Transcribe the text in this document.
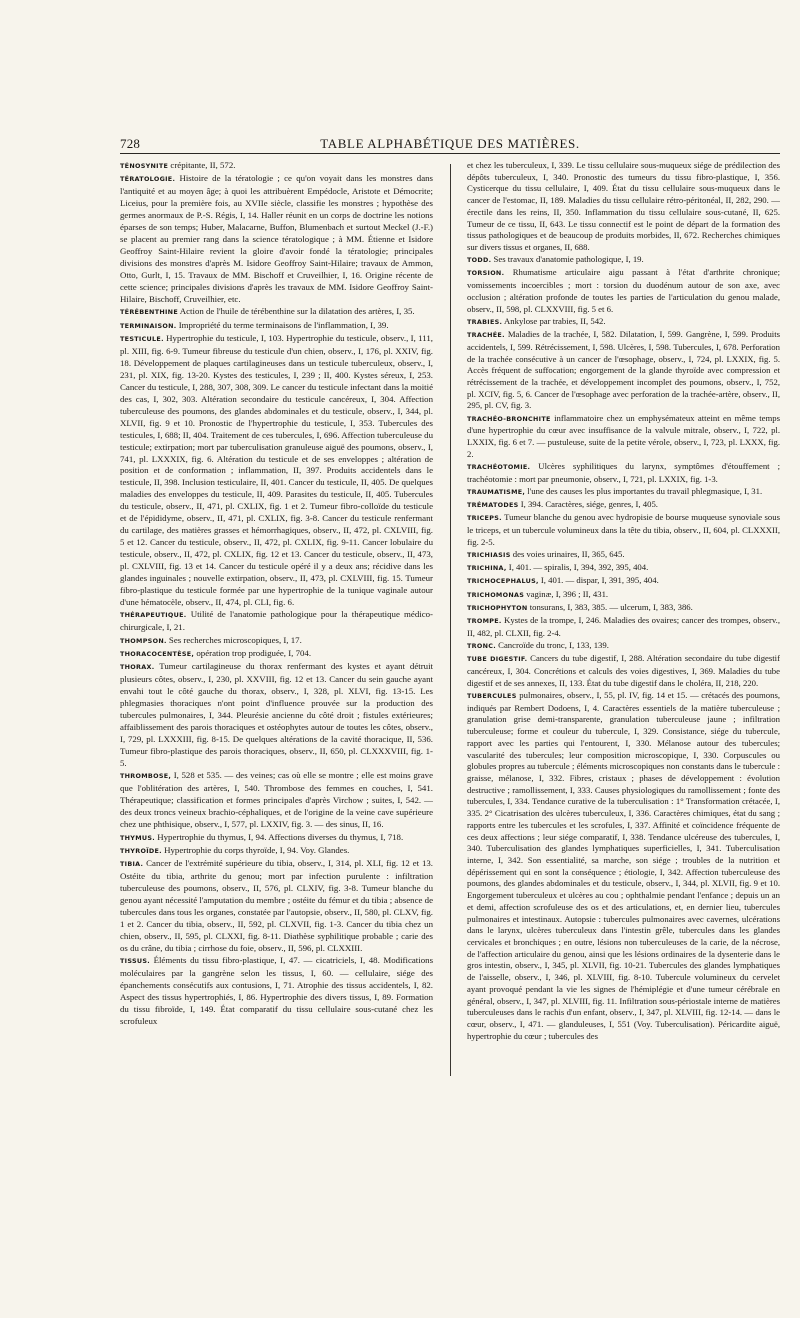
728	TABLE ALPHABÉTIQUE DES MATIÈRES.

TÉNOSYNITE crépitante, II, 572.

TÉRATOLOGIE. Histoire de la tératologie ; ce qu'on voyait dans les monstres dans l'antiquité et au moyen âge; à quoi les attribuèrent Empédocle, Aristote et Démocrite; Liceius, pour la première fois, au XVIIe siècle, classifie les monstres ; hypothèse des germes anormaux de P.-S. Régis, I, 14. Haller réunit en un corps de doctrine les notions éparses de son temps; Huber, Malacarne, Buffon, Blumenbach et surtout Meckel (J.-F.) se placent au premier rang dans la science tératologique ; à MM. Étienne et Isidore Geoffroy Saint-Hilaire revient la gloire d'avoir fondé la tératologie; principales divisions des monstres d'après M. Isidore Geoffroy Saint-Hilaire; travaux de Ammon, Otto, Gurlt, I, 15. Travaux de MM. Bischoff et Cruveilhier, I, 16. Origine récente de cette science; principales divisions d'après les travaux de MM. Isidore Geoffroy Saint-Hilaire, Bischoff, Cruveilhier, etc.

TÉRÉBENTHINE Action de l'huile de térébenthine sur la dilatation des artères, I, 35.

TERMINAISON. Impropriété du terme terminaisons de l'inflammation, I, 39.

TESTICULE. Hypertrophie du testicule, I, 103. Hypertrophie du testicule, observ., I, 111, pl. XIII, fig. 6-9. Tumeur fibreuse du testicule d'un chien, observ., I, 176, pl. XXIV, fig. 18. Développement de plaques cartilagineuses dans un testicule tuberculeux, observ., I, 231, pl. XIX, fig. 13-20. Kystes des testicules, I, 239 ; II, 400. Kystes séreux, I, 253. Cancer du testicule, I, 288, 307, 308, 309. Le cancer du testicule infectant dans la moitié des cas, I, 302, 303. Altération secondaire du testicule cancéreux, I, 304. Affection tuberculeuse des poumons, des glandes abdominales et du testicule, observ., I, 344, pl. XLVII, fig. 9 et 10. Pronostic de l'hypertrophie du testicule, I, 353. Tubercules des testicules, I, 688; II, 404. Traitement de ces tubercules, I, 696. Affection tuberculeuse du testicule; extirpation; mort par tuberculisation granuleuse aiguë des poumons, observ., I, 741, pl. LXXXIX, fig. 6. Altération du testicule et de ses enveloppes ; altération de position et de conformation ; inflammation, II, 397. Produits accidentels dans le testicule, II, 398. Inclusion testiculaire, II, 401. Cancer du testicule, II, 405. De quelques maladies des enveloppes du testicule, II, 409. Parasites du testicule, II, 405. Tubercules du testicule, observ., II, 471, pl. CXLIX, fig. 1 et 2. Tumeur fibro-colloïde du testicule et de l'épididyme, observ., II, 471, pl. CXLIX, fig. 3-8. Cancer du testicule renfermant du cartilage, des matières grasses et hémorrhagiques, observ., II, 472, pl. CXLVIII, fig. 5 et 12. Cancer du testicule, observ., II, 472, pl. CXLIX, fig. 9-11. Cancer lobulaire du testicule, observ., II, 472, pl. CXLIX, fig. 12 et 13. Cancer du testicule, observ., II, 473, pl. CXLVIII, fig. 13 et 14. Cancer du testicule opéré il y a deux ans; récidive dans les glandes inguinales ; nouvelle extirpation, observ., II, 473, pl. CXLVIII, fig. 15. Tumeur fibro-plastique du testicule formée par une hypertrophie de la tunique vaginale autour d'une hématocèle, observ., II, 474, pl. CLI, fig. 6.

THÉRAPEUTIQUE. Utilité de l'anatomie pathologique pour la thérapeutique médico-chirurgicale, I, 21.

THOMPSON. Ses recherches microscopiques, I, 17.

THORACOCENTÈSE, opération trop prodiguée, I, 704.

THORAX. Tumeur cartilagineuse du thorax renfermant des kystes et ayant détruit plusieurs côtes, observ., I, 230, pl. XXVIII, fig. 12 et 13. Cancer du sein gauche ayant envahi tout le côté gauche du thorax, observ., I, 328, pl. XLVI, fig. 13-15. Les phlegmasies thoraciques n'ont point d'influence prouvée sur la production des tubercules pulmonaires, I, 344. Pleurésie ancienne du côté droit ; fistules extérieures; affaiblissement des parois thoraciques et ostéophytes autour de toutes les côtes, observ., I, 729, pl. LXXXIII, fig. 8-15. De quelques altérations de la cavité thoracique, II, 536. Tumeur fibro-plastique des parois thoraciques, observ., II, 650, pl. CLXXXVIII, fig. 1-5.

THROMBOSE, I, 528 et 535. — des veines; cas où elle se montre ; elle est moins grave que l'oblitération des artères, I, 540. Thrombose des femmes en couches, I, 541. Thérapeutique; classification et formes principales d'après Virchow ; suites, I, 542. — des deux troncs veineux brachio-céphaliques, et de l'origine de la veine cave supérieure chez une phthisique, observ., I, 577, pl. LXXIV, fig. 3. — des sinus, II, 16.

THYMUS. Hypertrophie du thymus, I, 94. Affections diverses du thymus, I, 718.

THYROÏDE. Hypertrophie du corps thyroïde, I, 94. Voy. Glandes.

TIBIA. Cancer de l'extrémité supérieure du tibia, observ., I, 314, pl. XLI, fig. 12 et 13. Ostéite du tibia, arthrite du genou; mort par infection purulente : infiltration tuberculeuse des poumons, observ., II, 576, pl. CLXIV, fig. 3-8. Tumeur blanche du genou ayant nécessité l'amputation du membre ; ostéite du fémur et du tibia ; absence de tubercules dans tous les organes, constatée par l'autopsie, observ., II, 580, pl. CLXV, fig. 1 et 2. Cancer du tibia, observ., II, 592, pl. CLXVII, fig. 1-3. Cancer du tibia chez un chien, observ., II, 595, pl. CLXXI, fig. 8-11. Diathèse syphilitique probable ; carie des os du crâne, du tibia ; cirrhose du foie, observ., II, 596, pl. CLXXIII.

TISSUS. Éléments du tissu fibro-plastique, I, 47. — cicatriciels, I, 48. Modifications moléculaires par la gangrène selon les tissus, I, 60. — cellulaire, siége des épanchements consécutifs aux contusions, I, 71. Atrophie des tissus accidentels, I, 82. Aspect des tissus hypertrophiés, I, 86. Hypertrophie des divers tissus, I, 89. Formation du tissu fibroïde, I, 149. État comparatif du tissu cellulaire sous-cutané chez les scrofuleux

et chez les tuberculeux, I, 339. Le tissu cellulaire sous-muqueux siége de prédilection des dépôts tuberculeux, I, 340. Pronostic des tumeurs du tissu fibro-plastique, I, 356. Cysticerque du tissu cellulaire, I, 409. État du tissu cellulaire sous-muqueux dans le cancer de l'estomac, II, 189. Maladies du tissu cellulaire rétro-péritonéal, II, 282, 290. — érectile dans les reins, II, 350. Inflammation du tissu cellulaire sous-cutané, II, 625. Tumeur de ce tissu, II, 643. Le tissu connectif est le point de départ de la formation des tissus pathologiques et de beaucoup de produits morbides, II, 672. Recherches chimiques sur divers tissus et organes, II, 688.

TODD. Ses travaux d'anatomie pathologique, I, 19.

TORSION. Rhumatisme articulaire aigu passant à l'état d'arthrite chronique; vomissements incoercibles ; mort : torsion du duodénum autour de son axe, avec occlusion ; altération profonde de toutes les parties de l'articulation du genou malade, observ., II, 598, pl. CLXXVIII, fig. 5 et 6.

TRABIES. Ankylose par trabies, II, 542.

TRACHÉE. Maladies de la trachée, I, 582. Dilatation, I, 599. Gangrène, I, 599. Produits accidentels, I, 599. Rétrécissement, I, 598. Ulcères, I, 598. Tubercules, I, 678. Perforation de la trachée consécutive à un cancer de l'œsophage, observ., I, 724, pl. LXXIX, fig. 5. Accès fréquent de suffocation; engorgement de la glande thyroïde avec compression et rétrécissement de la trachée, et développement incomplet des poumons, observ., I, 752, pl. XCIV, fig. 5, 6. Cancer de l'œsophage avec perforation de la trachée-artère, observ., II, 295, pl. CV, fig. 3.

TRACHÉO-BRONCHITE inflammatoire chez un emphysémateux atteint en même temps d'une hypertrophie du cœur avec insuffisance de la valvule mitrale, observ., I, 722, pl. LXXIX, fig. 6 et 7. — pustuleuse, suite de la petite vérole, observ., I, 723, pl. LXXX, fig. 2.

TRACHÉOTOMIE. Ulcères syphilitiques du larynx, symptômes d'étouffement ; trachéotomie : mort par pneumonie, observ., I, 721, pl. LXXIX, fig. 1-3.

TRAUMATISME, l'une des causes les plus importantes du travail phlegmasique, I, 31.

TRÉMATODES I, 394. Caractères, siége, genres, I, 405.

TRICEPS. Tumeur blanche du genou avec hydropisie de bourse muqueuse synoviale sous le triceps, et un tubercule volumineux dans la tête du tibia, observ., II, 604, pl. CLXXXII, fig. 2-5.

TRICHIASIS des voies urinaires, II, 365, 645.

TRICHINA, I, 401. — spiralis, I, 394, 392, 395, 404.

TRICHOCEPHALUS, I, 401. — dispar, I, 391, 395, 404.

TRICHOMONAS vaginæ, I, 396 ; II, 431.

TRICHOPHYTON tonsurans, I, 383, 385. — ulcerum, I, 383, 386.

TROMPE. Kystes de la trompe, I, 246. Maladies des ovaires; cancer des trompes, observ., II, 482, pl. CLXII, fig. 2-4.

TRONC. Cancroïde du tronc, I, 133, 139.

TUBE DIGESTIF. Cancers du tube digestif, I, 288. Altération secondaire du tube digestif cancéreux, I, 304. Concrétions et calculs des voies digestives, I, 369. Maladies du tube digestif et de ses annexes, II, 133. État du tube digestif dans le choléra, II, 218, 220.

TUBERCULES pulmonaires, observ., I, 55, pl. IV, fig. 14 et 15. — crétacés des poumons, indiqués par Rembert Dodoens, I, 4. Caractères essentiels de la matière tuberculeuse ; granulation grise demi-transparente, granulation tuberculeuse jaune ; infiltration tuberculeuse; forme et couleur du tubercule, I, 329. Consistance, siége du tubercule, rapport avec les parties qui l'entourent, I, 330. Mélanose autour des tubercules; vascularité des tubercules; leur composition microscopique, I, 330. Corpuscules ou globules propres au tubercule ; éléments microscopiques non constants dans le tubercule : graisse, mélanose, I, 332. Fibres, cristaux ; phases de développement : évolution destructive ; ramollissement, I, 333. Causes physiologiques du ramollissement ; fonte des tubercules, I, 334. Tendance curative de la tuberculisation : 1° Transformation crétacée, I, 335. 2° Cicatrisation des ulcères tuberculeux, I, 336. Caractères chimiques, état du sang ; rapports entre les tubercules et les scrofules, I, 337. Affinité et coïncidence fréquente de ces deux affections ; leur siége comparatif, I, 338. Tendance ulcéreuse des tubercules, I, 340. Tuberculisation des glandes lymphatiques superficielles, I, 341. Tuberculisation interne, I, 342. Son essentialité, sa marche, son siége ; troubles de la nutrition et dépérissement qui en sont la conséquence ; étiologie, I, 342. Affection tuberculeuse des poumons, des glandes abdominales et du testicule, observ., I, 344, pl. XLVII, fig. 9 et 10. Engorgement tuberculeux et ulcères au cou ; ophthalmie pendant l'enfance ; depuis un an et demi, affection scrofuleuse des os et des articulations, et, en dernier lieu, tubercules pulmonaires et intestinaux. Autopsie : tubercules pulmonaires avec cavernes, ulcérations dans le larynx, ulcères tuberculeux dans l'intestin grêle, tubercules dans les glandes cervicales et bronchiques ; en outre, lésions non tuberculeuses de la carie, de la nécrose, de l'affection articulaire du genou, ainsi que les lésions ordinaires de la dysenterie dans le gros intestin, observ., I, 345, pl. XLVII, fig. 10-21. Tubercules des glandes lymphatiques de l'aisselle, observ., I, 346, pl. XLVIII, fig. 8-10. Tubercule volumineux du cervelet ayant provoqué pendant la vie les signes de l'hémiplégie et d'une tumeur cérébrale en général, observ., I, 347, pl. XLVIII, fig. 11. Infiltration sous-périostale interne de matières tuberculeuses dans le rachis d'un enfant, observ., I, 347, pl. XLVIII, fig. 12-14. — dans le cœur, observ., I, 471. — glanduleuses, I, 551 (Voy. Tuberculisation). Péricardite aiguë, hypertrophie du cœur ; tubercules des
